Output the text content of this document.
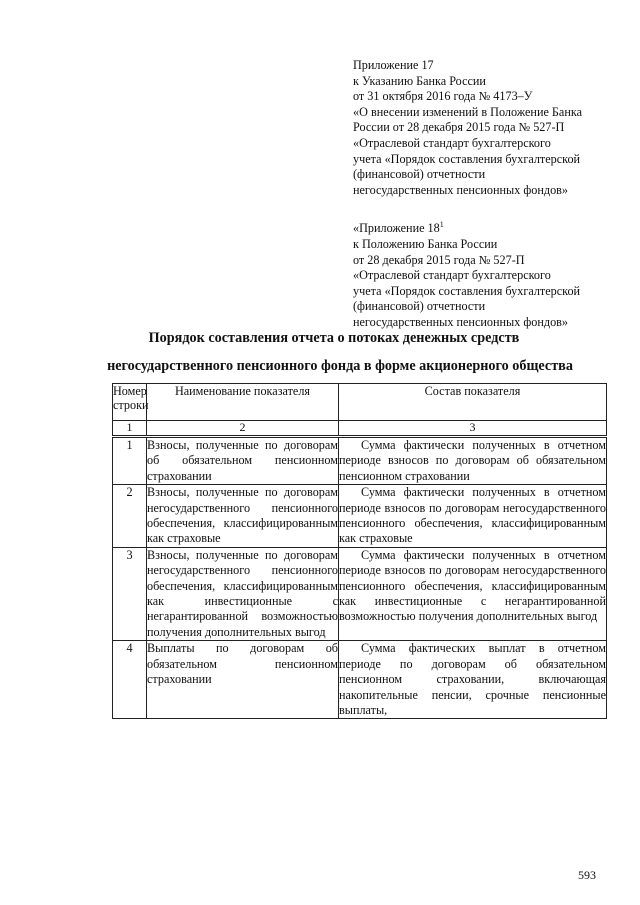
Приложение 17
к Указанию Банка России
от 31 октября 2016 года № 4173–У
«О внесении изменений в Положение Банка
России от 28 декабря 2015 года № 527-П
«Отраслевой стандарт бухгалтерского
учета «Порядок составления бухгалтерской
(финансовой) отчетности
негосударственных пенсионных фондов»
«Приложение $18^1$
к Положению Банка России
от 28 декабря 2015 года № 527-П
«Отраслевой стандарт бухгалтерского
учета «Порядок составления бухгалтерской
(финансовой) отчетности
негосударственных пенсионных фондов»
Порядок составления отчета о потоках денежных средств
негосударственного пенсионного фонда в форме акционерного общества
Номер
строки	Наименование показателя	Состав показателя
1	2	3
1	Взносы, полученные по договорам об обязательном пенсионном страховании	Сумма фактически полученных в отчетном периоде взносов по договорам об обязательном пенсионном страховании

2	Взносы, полученные по договорам негосударственного пенсионного обеспечения, классифицированным как страховые	Сумма фактически полученных в отчетном периоде взносов по договорам негосударственного пенсионного обеспечения, классифицированным как страховые

3	Взносы, полученные по договорам негосударственного пенсионного обеспечения, классифицированным как инвестиционные с негарантированной возможностью получения дополнительных выгод	Сумма фактически полученных в отчетном периоде взносов по договорам негосударственного пенсионного обеспечения, классифицированным как инвестиционные с негарантированной возможностью получения дополнительных выгод

4	Выплаты по договорам об обязательном пенсионном страховании	Сумма фактических выплат в отчетном периоде по договорам об обязательном пенсионном страховании, включающая накопительные пенсии, срочные пенсионные выплаты,
593
